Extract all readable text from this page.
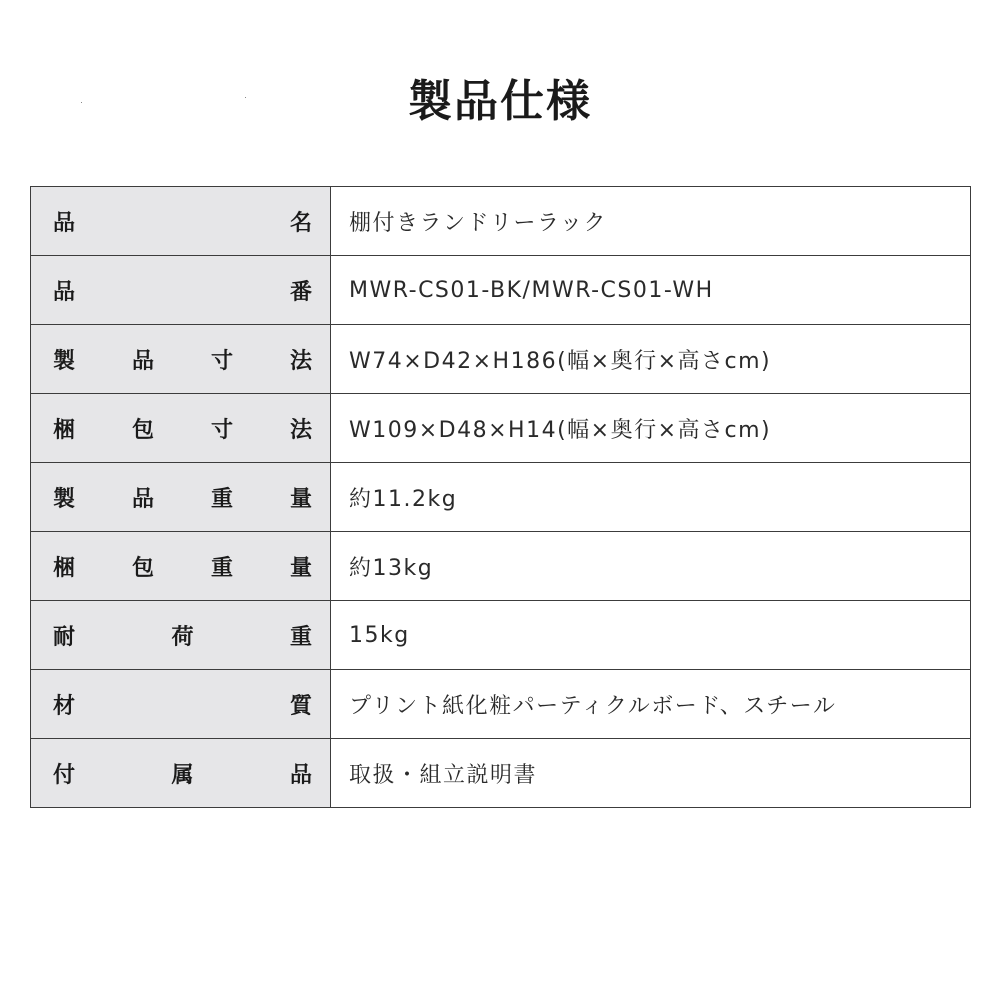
製品仕様
品 名	棚付きランドリーラック

品 番	MWR-CS01-BK/MWR-CS01-WH

製 品 寸 法	W74×D42×H186(幅×奥行×高さcm)

梱 包 寸 法	W109×D48×H14(幅×奥行×高さcm)

製 品 重 量	約11.2kg

梱 包 重 量	約13kg

耐 荷 重	15kg

材 質	プリント紙化粧パーティクルボード、スチール

付 属 品	取扱・組立説明書
